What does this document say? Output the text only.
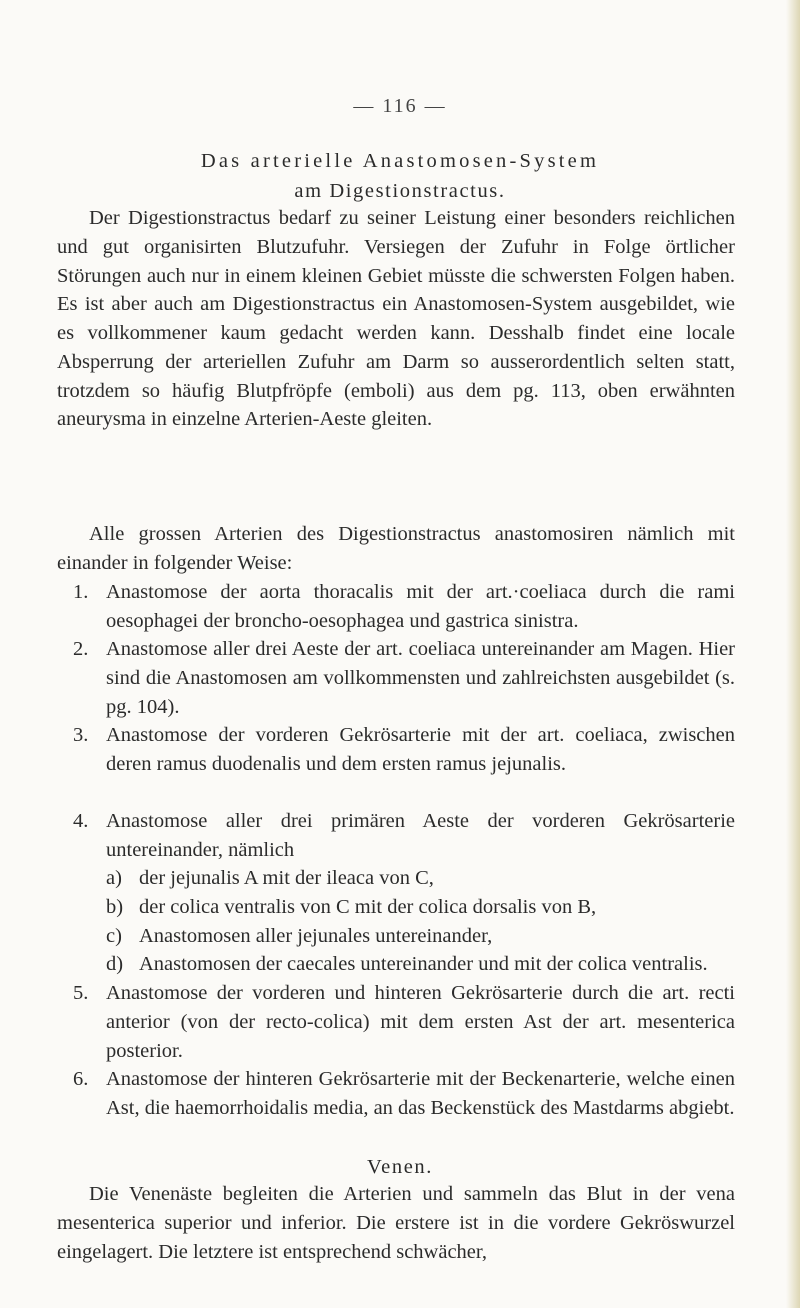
— 116 —
Das arterielle Anastomosen-System
am Digestionstractus.

Der Digestionstractus bedarf zu seiner Leistung einer besonders reichlichen und gut organisirten Blutzufuhr. Versiegen der Zufuhr in Folge örtlicher Störungen auch nur in einem kleinen Gebiet müsste die schwersten Folgen haben. Es ist aber auch am Digestionstractus ein Anastomosen-System ausgebildet, wie es vollkommener kaum gedacht werden kann. Desshalb findet eine locale Absperrung der arteriellen Zufuhr am Darm so ausserordentlich selten statt, trotzdem so häufig Blutpfröpfe (emboli) aus dem pg. 113, oben erwähnten aneurysma in einzelne Arterien-Aeste gleiten.

Alle grossen Arterien des Digestionstractus anastomosiren nämlich mit einander in folgender Weise:

1. Anastomose der aorta thoracalis mit der art.·coeliaca durch die rami oesophagei der broncho-oesophagea und gastrica sinistra.
2. Anastomose aller drei Aeste der art. coeliaca untereinander am Magen. Hier sind die Anastomosen am vollkommensten und zahlreichsten ausgebildet (s. pg. 104).
3. Anastomose der vorderen Gekrösarterie mit der art. coeliaca, zwischen deren ramus duodenalis und dem ersten ramus jejunalis.
4. Anastomose aller drei primären Aeste der vorderen Gekrösarterie untereinander, nämlich
a) der jejunalis A mit der ileaca von C,
b) der colica ventralis von C mit der colica dorsalis von B,
c) Anastomosen aller jejunales untereinander,
d) Anastomosen der caecales untereinander und mit der colica ventralis.
5. Anastomose der vorderen und hinteren Gekrösarterie durch die art. recti anterior (von der recto-colica) mit dem ersten Ast der art. mesenterica posterior.
6. Anastomose der hinteren Gekrösarterie mit der Beckenarterie, welche einen Ast, die haemorrhoidalis media, an das Beckenstück des Mastdarms abgiebt.
Venen.

Die Venenäste begleiten die Arterien und sammeln das Blut in der vena mesenterica superior und inferior. Die erstere ist in die vordere Gekröswurzel eingelagert. Die letztere ist entsprechend schwächer,
